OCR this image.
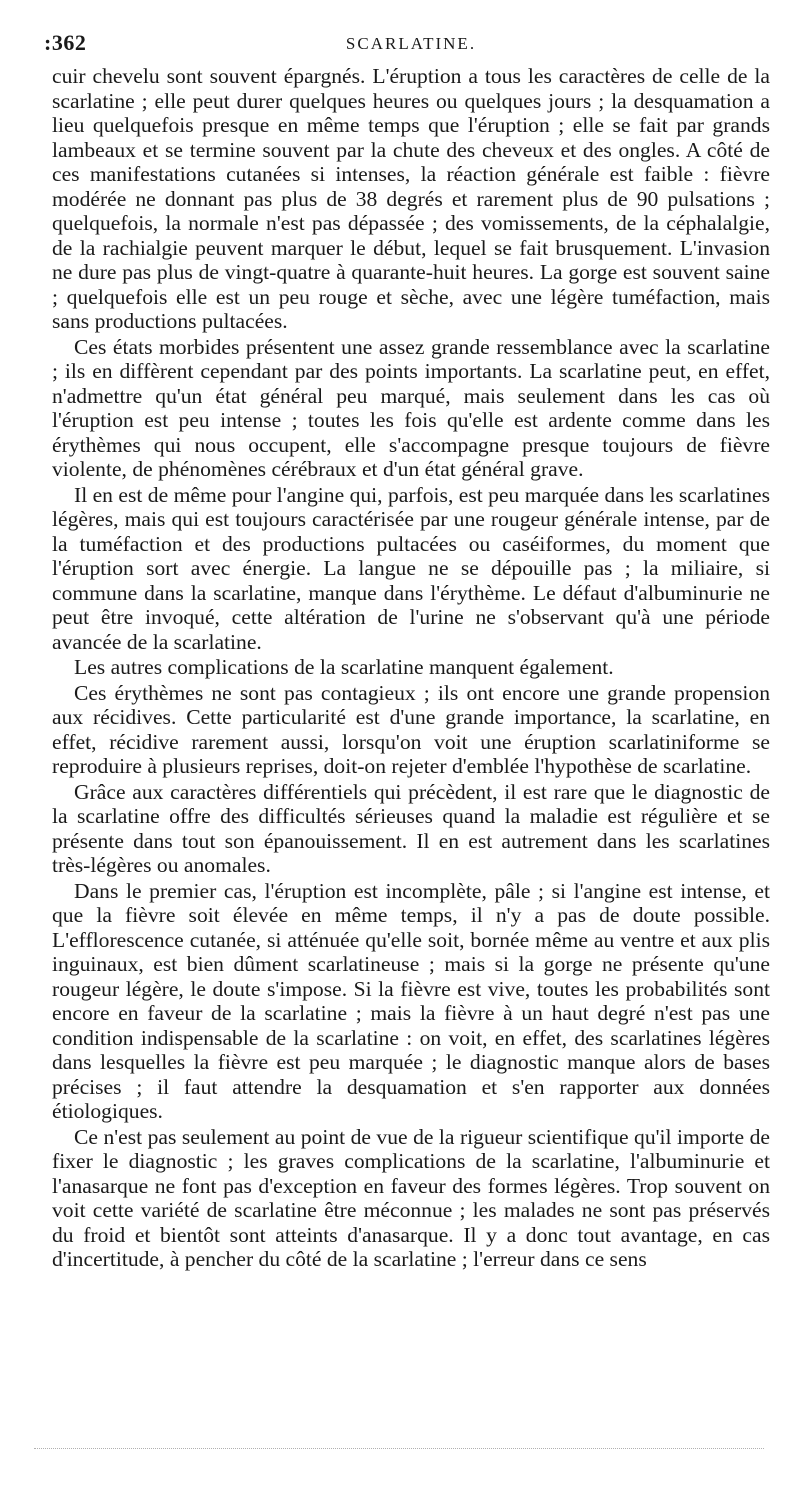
:362	SCARLATINE.

cuir chevelu sont souvent épargnés. L'éruption a tous les caractères de celle de la scarlatine ; elle peut durer quelques heures ou quelques jours ; la desquamation a lieu quelquefois presque en même temps que l'éruption ; elle se fait par grands lambeaux et se termine souvent par la chute des cheveux et des ongles. A côté de ces manifestations cutanées si intenses, la réaction générale est faible : fièvre modérée ne donnant pas plus de 38 degrés et rarement plus de 90 pulsations ; quelquefois, la normale n'est pas dépassée ; des vomissements, de la céphalalgie, de la rachialgie peuvent marquer le début, lequel se fait brusquement. L'invasion ne dure pas plus de vingt-quatre à quarante-huit heures. La gorge est souvent saine ; quelquefois elle est un peu rouge et sèche, avec une légère tuméfaction, mais sans productions pultacées.

Ces états morbides présentent une assez grande ressemblance avec la scarlatine ; ils en diffèrent cependant par des points importants. La scarlatine peut, en effet, n'admettre qu'un état général peu marqué, mais seulement dans les cas où l'éruption est peu intense ; toutes les fois qu'elle est ardente comme dans les érythèmes qui nous occupent, elle s'accompagne presque toujours de fièvre violente, de phénomènes cérébraux et d'un état général grave.

Il en est de même pour l'angine qui, parfois, est peu marquée dans les scarlatines légères, mais qui est toujours caractérisée par une rougeur générale intense, par de la tuméfaction et des productions pultacées ou caséiformes, du moment que l'éruption sort avec énergie. La langue ne se dépouille pas ; la miliaire, si commune dans la scarlatine, manque dans l'érythème. Le défaut d'albuminurie ne peut être invoqué, cette altération de l'urine ne s'observant qu'à une période avancée de la scarlatine.

Les autres complications de la scarlatine manquent également.

Ces érythèmes ne sont pas contagieux ; ils ont encore une grande propension aux récidives. Cette particularité est d'une grande importance, la scarlatine, en effet, récidive rarement aussi, lorsqu'on voit une éruption scarlatiniforme se reproduire à plusieurs reprises, doit-on rejeter d'emblée l'hypothèse de scarlatine.

Grâce aux caractères différentiels qui précèdent, il est rare que le diagnostic de la scarlatine offre des difficultés sérieuses quand la maladie est régulière et se présente dans tout son épanouissement. Il en est autrement dans les scarlatines très-légères ou anomales.

Dans le premier cas, l'éruption est incomplète, pâle ; si l'angine est intense, et que la fièvre soit élevée en même temps, il n'y a pas de doute possible. L'efflorescence cutanée, si atténuée qu'elle soit, bornée même au ventre et aux plis inguinaux, est bien dûment scarlatineuse ; mais si la gorge ne présente qu'une rougeur légère, le doute s'impose. Si la fièvre est vive, toutes les probabilités sont encore en faveur de la scarlatine ; mais la fièvre à un haut degré n'est pas une condition indispensable de la scarlatine : on voit, en effet, des scarlatines légères dans lesquelles la fièvre est peu marquée ; le diagnostic manque alors de bases précises ; il faut attendre la desquamation et s'en rapporter aux données étiologiques.

Ce n'est pas seulement au point de vue de la rigueur scientifique qu'il importe de fixer le diagnostic ; les graves complications de la scarlatine, l'albuminurie et l'anasarque ne font pas d'exception en faveur des formes légères. Trop souvent on voit cette variété de scarlatine être méconnue ; les malades ne sont pas préservés du froid et bientôt sont atteints d'anasarque. Il y a donc tout avantage, en cas d'incertitude, à pencher du côté de la scarlatine ; l'erreur dans ce sens
